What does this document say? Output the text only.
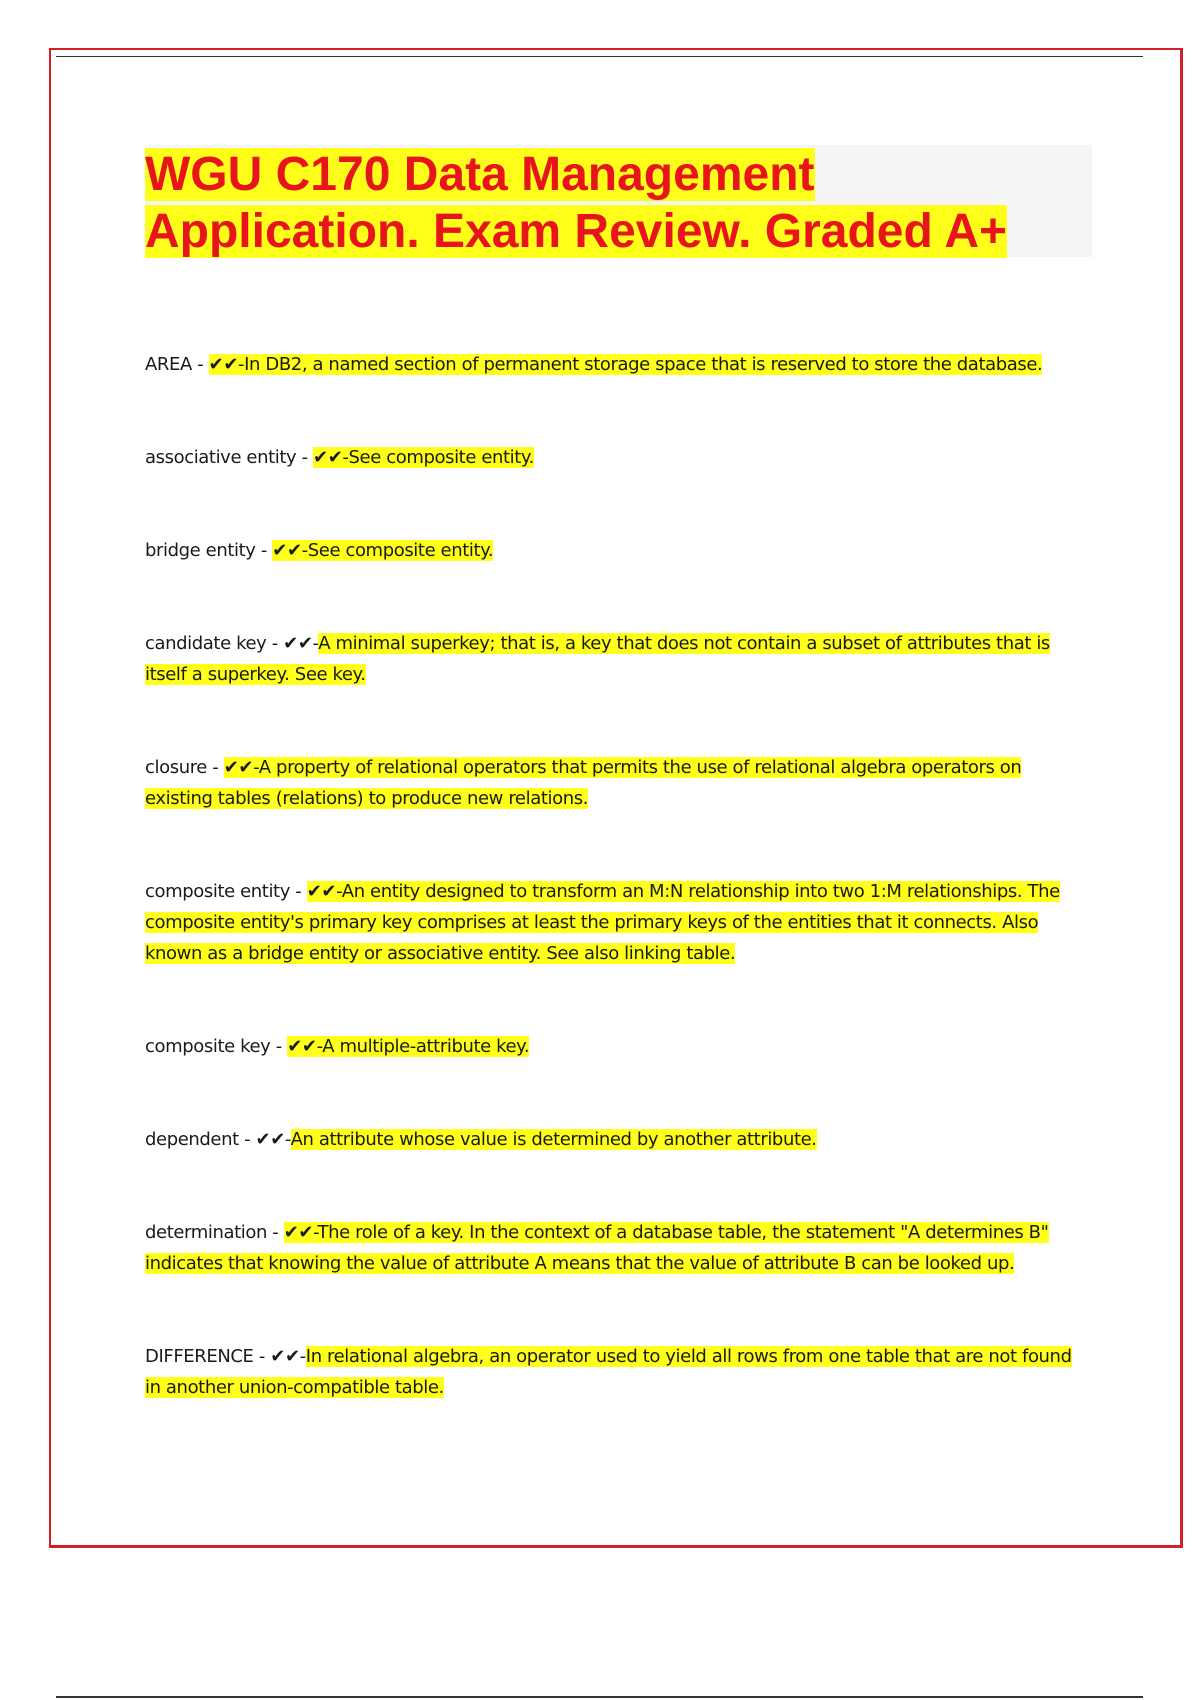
WGU C170 Data Management
Application. Exam Review. Graded A+

AREA - ✔✔-In DB2, a named section of permanent storage space that is reserved to store the database.

associative entity - ✔✔-See composite entity.

bridge entity - ✔✔-See composite entity.

candidate key - ✔✔-A minimal superkey; that is, a key that does not contain a subset of attributes that is itself a superkey. See key.

closure - ✔✔-A property of relational operators that permits the use of relational algebra operators on existing tables (relations) to produce new relations.

composite entity - ✔✔-An entity designed to transform an M:N relationship into two 1:M relationships. The composite entity's primary key comprises at least the primary keys of the entities that it connects. Also known as a bridge entity or associative entity. See also linking table.

composite key - ✔✔-A multiple-attribute key.

dependent - ✔✔-An attribute whose value is determined by another attribute.

determination - ✔✔-The role of a key. In the context of a database table, the statement "A determines B" indicates that knowing the value of attribute A means that the value of attribute B can be looked up.

DIFFERENCE - ✔✔-In relational algebra, an operator used to yield all rows from one table that are not found in another union-compatible table.
